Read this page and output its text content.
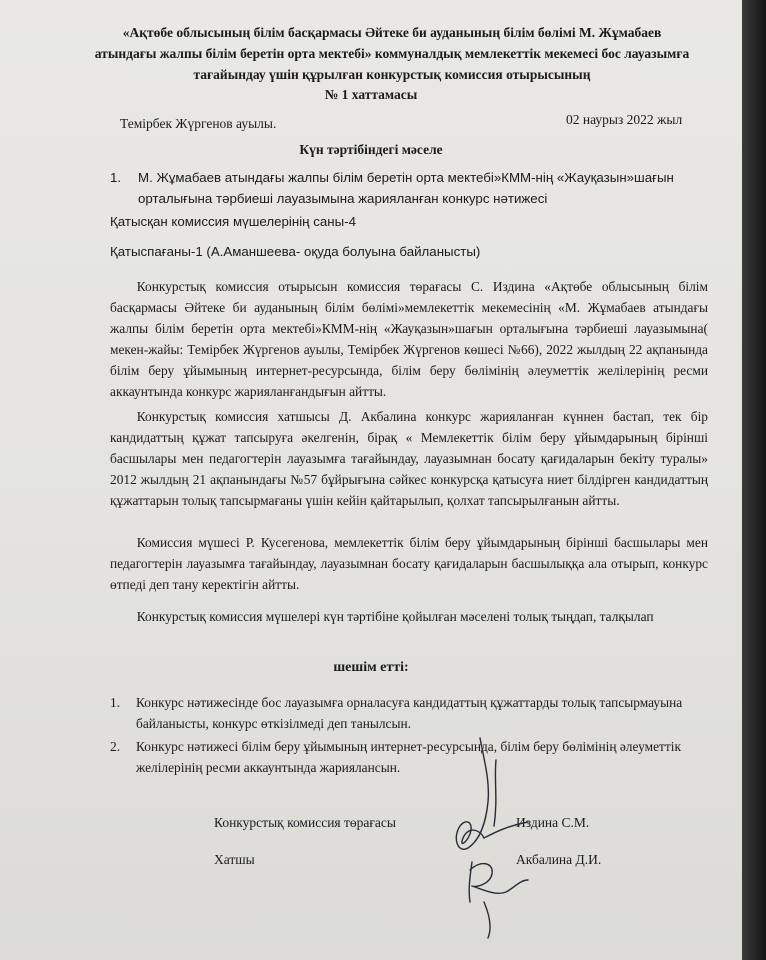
«Ақтөбе облысының білім басқармасы Әйтеке би ауданының білім бөлімі М. Жұмабаев атындағы жалпы білім беретін орта мектебі» коммуналдық мемлекеттік мекемесі бос лауазымға тағайындау үшін құрылған конкурстық комиссия отырысының
№ 1 хаттамасы
Темірбек Жүргенов ауылы.	02 наурыз 2022 жыл
Күн тәртібіндегі мәселе
1. М. Жұмабаев атындағы жалпы білім беретін орта мектебі»КММ-нің «Жауқазын»шағын орталығына тәрбиеші лауазымына жарияланған конкурс нәтижесі
Қатысқан комиссия мүшелерінің саны-4
Қатыспағаны-1 (А.Аманшеева- оқуда болуына байланысты)
Конкурстық комиссия отырысын комиссия төрағасы С. Издина «Ақтөбе облысының білім басқармасы Әйтеке би ауданының білім бөлімі»мемлекеттік мекемесінің «М. Жұмабаев атындағы жалпы білім беретін орта мектебі»КММ-нің «Жауқазын»шағын орталығына тәрбиеші лауазымына( мекен-жайы: Темірбек Жүргенов ауылы, Темірбек Жүргенов көшесі №66), 2022 жылдың 22 ақпанында білім беру ұйымының интернет-ресурсында, білім беру бөлімінің әлеуметтік желілерінің ресми аккаунтында конкурс жарияланғандығын айтты.
Конкурстық комиссия хатшысы Д. Акбалина конкурс жарияланған күннен бастап, тек бір кандидаттың құжат тапсыруға әкелгенін, бірақ « Мемлекеттік білім беру ұйымдарының бірінші басшылары мен педагогтерін лауазымға тағайындау, лауазымнан босату қағидаларын бекіту туралы» 2012 жылдың 21 ақпанындағы №57 бұйрығына сәйкес конкурсқа қатысуға ниет білдірген кандидаттың құжаттарын толық тапсырмағаны үшін кейін қайтарылып, қолхат тапсырылғанын айтты.
Комиссия мүшесі Р. Кусегенова, мемлекеттік білім беру ұйымдарының бірінші басшылары мен педагогтерін лауазымға тағайындау, лауазымнан босату қағидаларын басшылыққа ала отырып, конкурс өтпеді деп тану керектігін айтты.
Конкурстық комиссия мүшелері күн тәртібіне қойылған мәселені толық тыңдап, талқылап
шешім етті:
1. Конкурс нәтижесінде бос лауазымға орналасуға кандидаттың құжаттарды толық тапсырмауына байланысты, конкурс өткізілмеді деп танылсын.
2. Конкурс нәтижесі білім беру ұйымының интернет-ресурсында, білім беру бөлімінің әлеуметтік желілерінің ресми аккаунтында жариялансын.
Конкурстық комиссия төрағасы	Издина С.М.
Хатшы	Акбалина Д.И.
